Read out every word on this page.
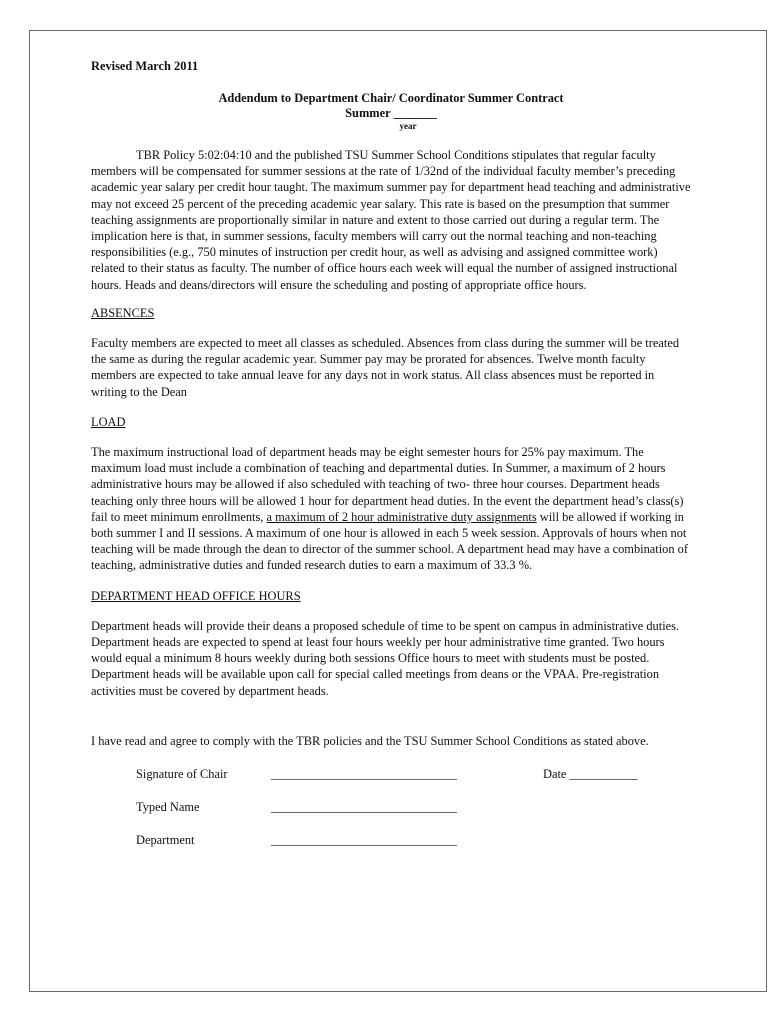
Revised March 2011

Addendum to Department Chair/ Coordinator Summer Contract

Summer _______

year

TBR Policy 5:02:04:10 and the published TSU Summer School Conditions stipulates that regular faculty members will be compensated for summer sessions at the rate of 1/32nd of the individual faculty member’s preceding academic year salary per credit hour taught. The maximum summer pay for department head teaching and administrative may not exceed 25 percent of the preceding academic year salary. This rate is based on the presumption that summer teaching assignments are proportionally similar in nature and extent to those carried out during a regular term. The implication here is that, in summer sessions, faculty members will carry out the normal teaching and non-teaching responsibilities (e.g., 750 minutes of instruction per credit hour, as well as advising and assigned committee work) related to their status as faculty. The number of office hours each week will equal the number of assigned instructional hours. Heads and deans/directors will ensure the scheduling and posting of appropriate office hours.

ABSENCES

Faculty members are expected to meet all classes as scheduled. Absences from class during the summer will be treated the same as during the regular academic year. Summer pay may be prorated for absences. Twelve month faculty members are expected to take annual leave for any days not in work status. All class absences must be reported in writing to the Dean

LOAD

The maximum instructional load of department heads may be eight semester hours for 25% pay maximum. The maximum load must include a combination of teaching and departmental duties. In Summer, a maximum of 2 hours administrative hours may be allowed if also scheduled with teaching of two- three hour courses. Department heads teaching only three hours will be allowed 1 hour for department head duties. In the event the department head’s class(s) fail to meet minimum enrollments, a maximum of 2 hour administrative duty assignments will be allowed if working in both summer I and II sessions. A maximum of one hour is allowed in each 5 week session. Approvals of hours when not teaching will be made through the dean to director of the summer school. A department head may have a combination of teaching, administrative duties and funded research duties to earn a maximum of 33.3 %.

DEPARTMENT HEAD OFFICE HOURS

Department heads will provide their deans a proposed schedule of time to be spent on campus in administrative duties. Department heads are expected to spend at least four hours weekly per hour administrative time granted. Two hours would equal a minimum 8 hours weekly during both sessions Office hours to meet with students must be posted. Department heads will be available upon call for special called meetings from deans or the VPAA. Pre-registration activities must be covered by department heads.

I have read and agree to comply with the TBR policies and the TSU Summer School Conditions as stated above.

Signature of Chair	______________________________	Date ___________
Typed Name	______________________________
Department	______________________________
